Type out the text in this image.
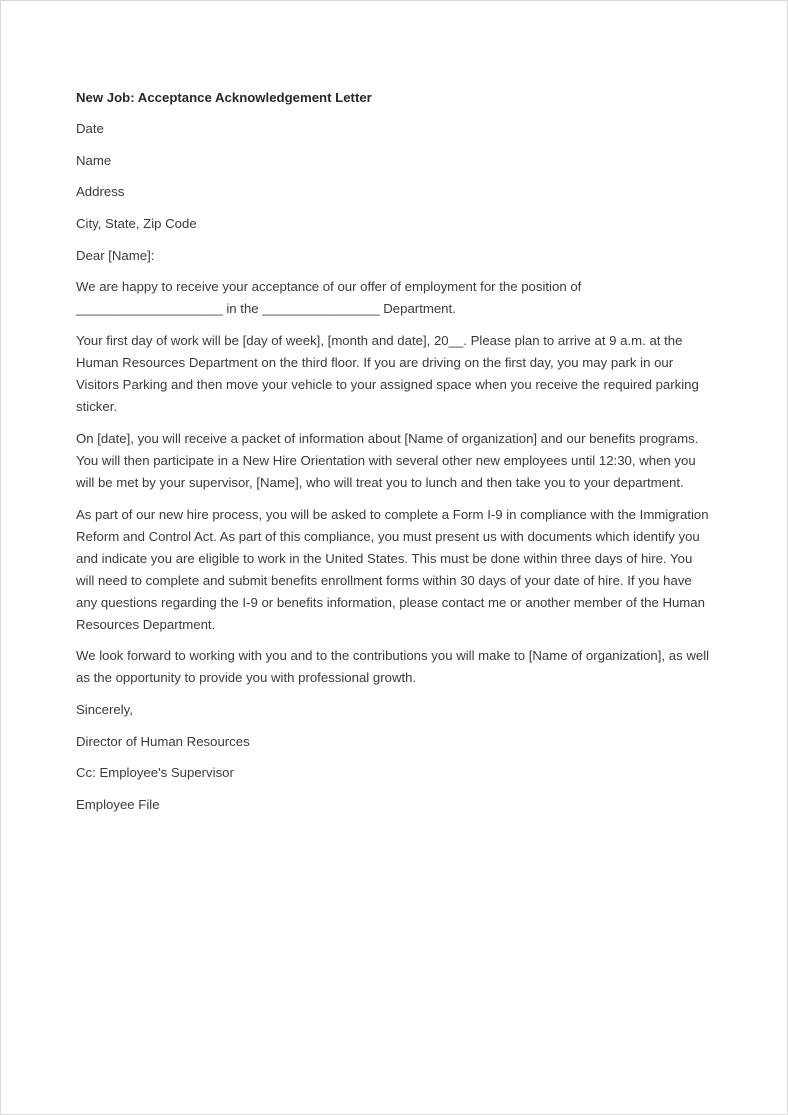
New Job: Acceptance Acknowledgement Letter

Date

Name

Address

City, State, Zip Code

Dear [Name]:

We are happy to receive your acceptance of our offer of employment for the position of
____________________ in the ________________ Department.

Your first day of work will be [day of week], [month and date], 20__. Please plan to arrive at 9 a.m. at the
Human Resources Department on the third floor. If you are driving on the first day, you may park in our
Visitors Parking and then move your vehicle to your assigned space when you receive the required parking
sticker.

On [date], you will receive a packet of information about [Name of organization] and our benefits programs.
You will then participate in a New Hire Orientation with several other new employees until 12:30, when you
will be met by your supervisor, [Name], who will treat you to lunch and then take you to your department.

As part of our new hire process, you will be asked to complete a Form I-9 in compliance with the Immigration
Reform and Control Act. As part of this compliance, you must present us with documents which identify you
and indicate you are eligible to work in the United States. This must be done within three days of hire. You
will need to complete and submit benefits enrollment forms within 30 days of your date of hire. If you have
any questions regarding the I-9 or benefits information, please contact me or another member of the Human
Resources Department.

We look forward to working with you and to the contributions you will make to [Name of organization], as well
as the opportunity to provide you with professional growth.

Sincerely,

Director of Human Resources

Cc: Employee's Supervisor

Employee File
